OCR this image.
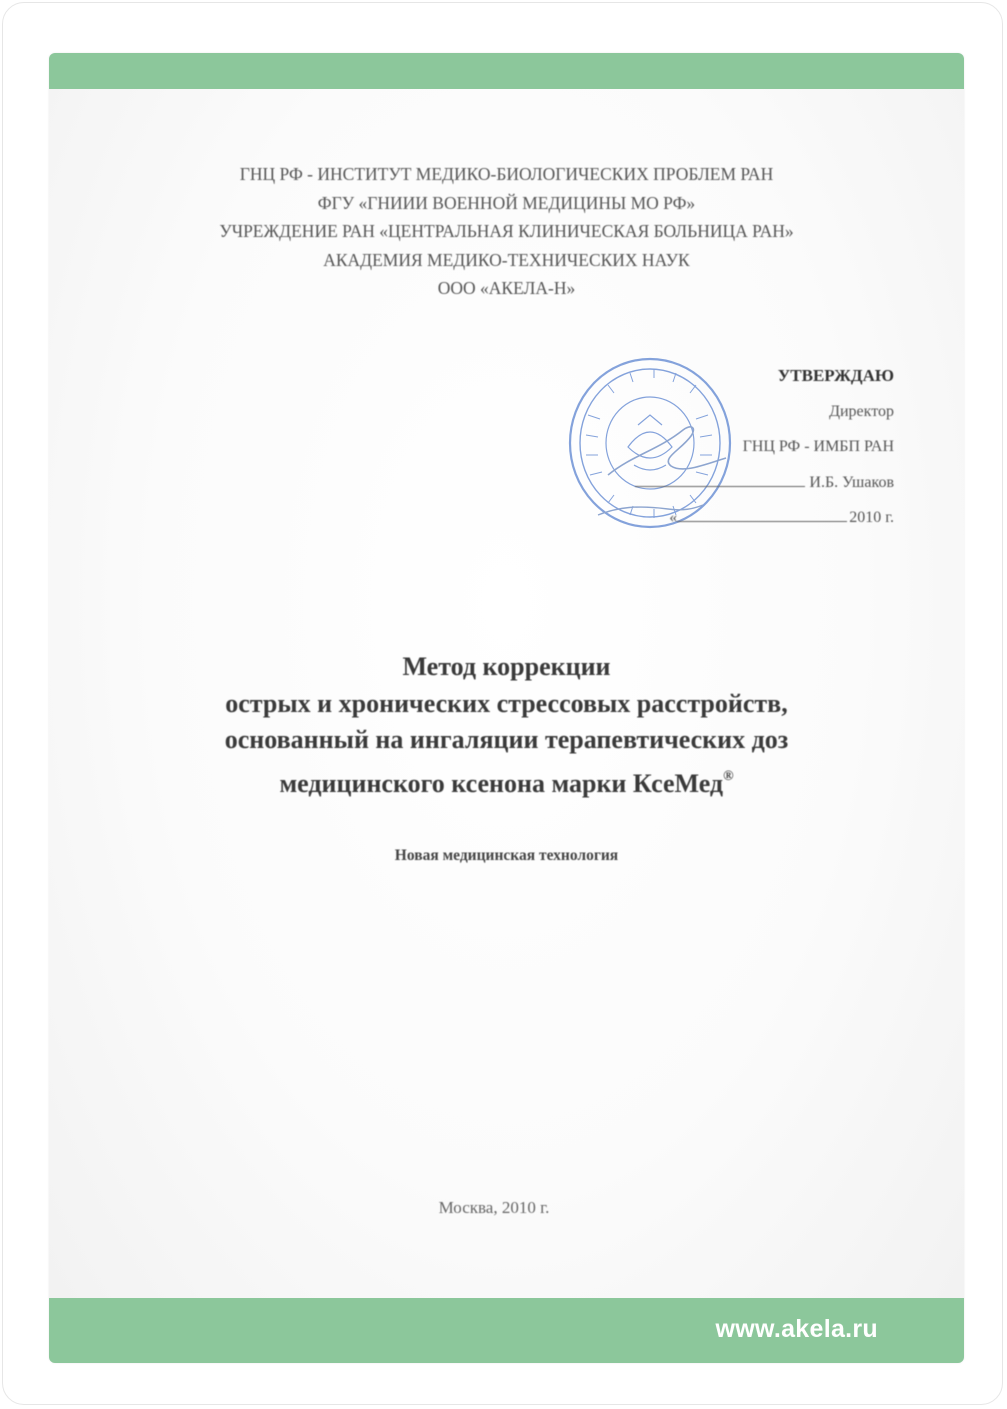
ГНЦ РФ - ИНСТИТУТ МЕДИКО-БИОЛОГИЧЕСКИХ ПРОБЛЕМ РАН
ФГУ «ГНИИИ ВОЕННОЙ МЕДИЦИНЫ МО РФ»
УЧРЕЖДЕНИЕ РАН «ЦЕНТРАЛЬНАЯ КЛИНИЧЕСКАЯ БОЛЬНИЦА РАН»
АКАДЕМИЯ МЕДИКО-ТЕХНИЧЕСКИХ НАУК
ООО «АКЕЛА-Н»
УТВЕРЖДАЮ
Директор
ГНЦ РФ - ИМБП РАН
И.Б. Ушаков
«	2010 г.
Метод коррекции
острых и хронических стрессовых расстройств,
основанный на ингаляции терапевтических доз
медицинского ксенона марки КсеМед®
Новая медицинская технология
Москва, 2010 г.
www.akela.ru
